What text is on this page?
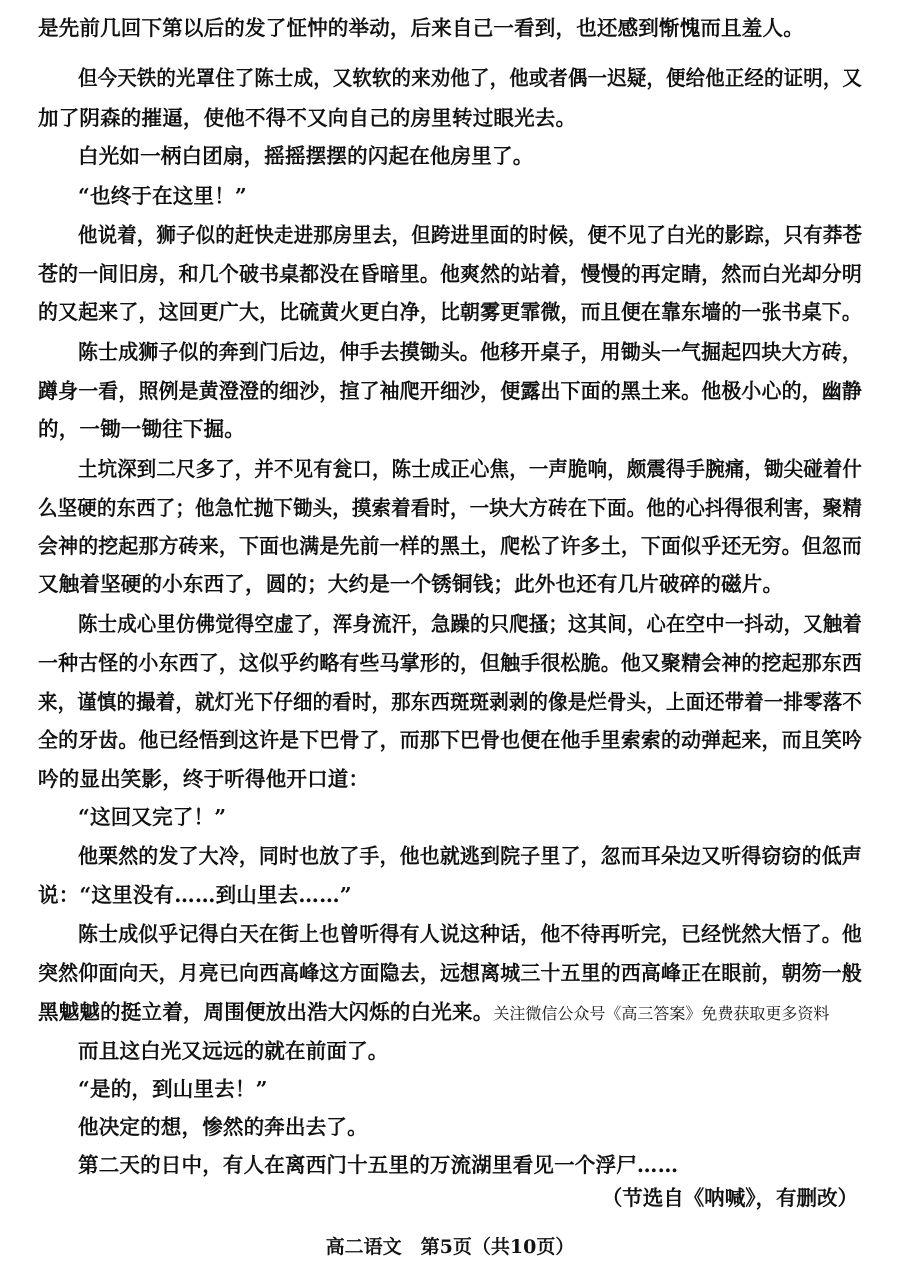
是先前几回下第以后的发了怔忡的举动，后来自己一看到，也还感到惭愧而且羞人。
但今天铁的光罩住了陈士成，又软软的来劝他了，他或者偶一迟疑，便给他正经的证明，又
加了阴森的摧逼，使他不得不又向自己的房里转过眼光去。
白光如一柄白团扇，摇摇摆摆的闪起在他房里了。
“也终于在这里！”
他说着，狮子似的赶快走进那房里去，但跨进里面的时候，便不见了白光的影踪，只有莽苍
苍的一间旧房，和几个破书桌都没在昏暗里。他爽然的站着，慢慢的再定睛，然而白光却分明
的又起来了，这回更广大，比硫黄火更白净，比朝雾更霏微，而且便在靠东墙的一张书桌下。
陈士成狮子似的奔到门后边，伸手去摸锄头。他移开桌子，用锄头一气掘起四块大方砖，
蹲身一看，照例是黄澄澄的细沙，揎了袖爬开细沙，便露出下面的黑土来。他极小心的，幽静
的，一锄一锄往下掘。
土坑深到二尺多了，并不见有瓮口，陈士成正心焦，一声脆响，颇震得手腕痛，锄尖碰着什
么坚硬的东西了；他急忙抛下锄头，摸索着看时，一块大方砖在下面。他的心抖得很利害，聚精
会神的挖起那方砖来，下面也满是先前一样的黑土，爬松了许多土，下面似乎还无穷。但忽而
又触着坚硬的小东西了，圆的；大约是一个锈铜钱；此外也还有几片破碎的磁片。
陈士成心里仿佛觉得空虚了，浑身流汗，急躁的只爬搔；这其间，心在空中一抖动，又触着
一种古怪的小东西了，这似乎约略有些马掌形的，但触手很松脆。他又聚精会神的挖起那东西
来，谨慎的撮着，就灯光下仔细的看时，那东西斑斑剥剥的像是烂骨头，上面还带着一排零落不
全的牙齿。他已经悟到这许是下巴骨了，而那下巴骨也便在他手里索索的动弹起来，而且笑吟
吟的显出笑影，终于听得他开口道：
“这回又完了！”
他栗然的发了大冷，同时也放了手，他也就逃到院子里了，忽而耳朵边又听得窃窃的低声
说：“这里没有……到山里去……”
陈士成似乎记得白天在街上也曾听得有人说这种话，他不待再听完，已经恍然大悟了。他
突然仰面向天，月亮已向西高峰这方面隐去，远想离城三十五里的西高峰正在眼前，朝笏一般
黑魆魆的挺立着，周围便放出浩大闪烁的白光来。关注微信公众号《高三答案》免费获取更多资料
而且这白光又远远的就在前面了。
“是的，到山里去！”
他决定的想，惨然的奔出去了。
第二天的日中，有人在离西门十五里的万流湖里看见一个浮尸……
（节选自《呐喊》，有删改）
高二语文　第5页（共10页）
